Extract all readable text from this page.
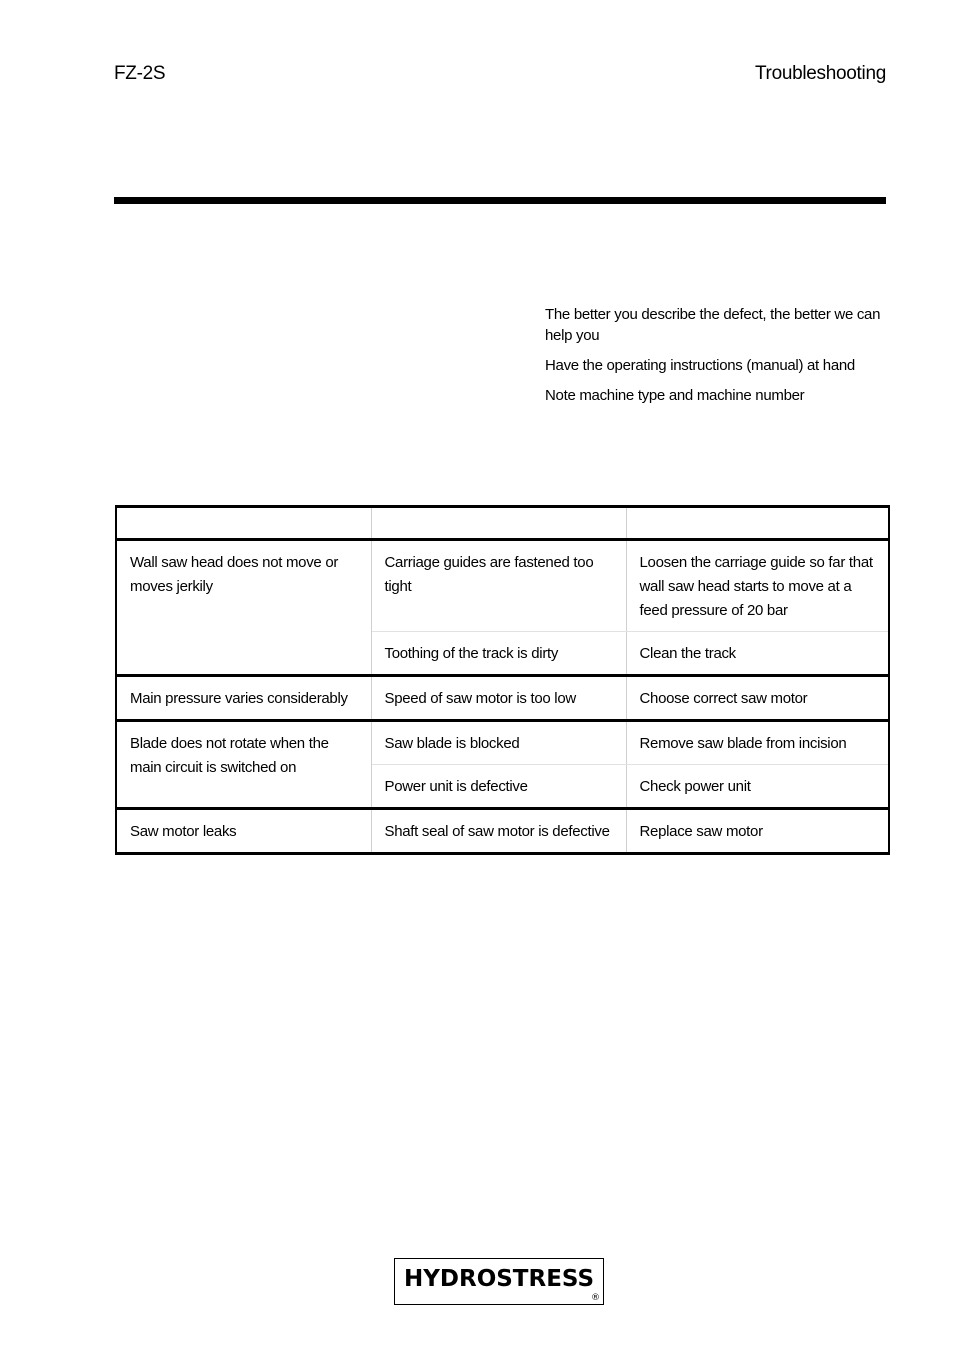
FZ-2S	Troubleshooting

The better you describe the defect, the better we can help you

Have the operating instructions (manual) at hand

Note machine type and machine number

Wall saw head does not move or moves jerkily	Carriage guides are fastened too tight	Loosen the carriage guide so far that wall saw head starts to move at a feed pressure of 20 bar
	Toothing of the track is dirty	Clean the track
Main pressure varies considerably	Speed of saw motor is too low	Choose correct saw motor
Blade does not rotate when the main circuit is switched on	Saw blade is blocked	Remove saw blade from incision
	Power unit is defective	Check power unit
Saw motor leaks	Shaft seal of saw motor is defective	Replace saw motor
HYDROSTRESS
®
